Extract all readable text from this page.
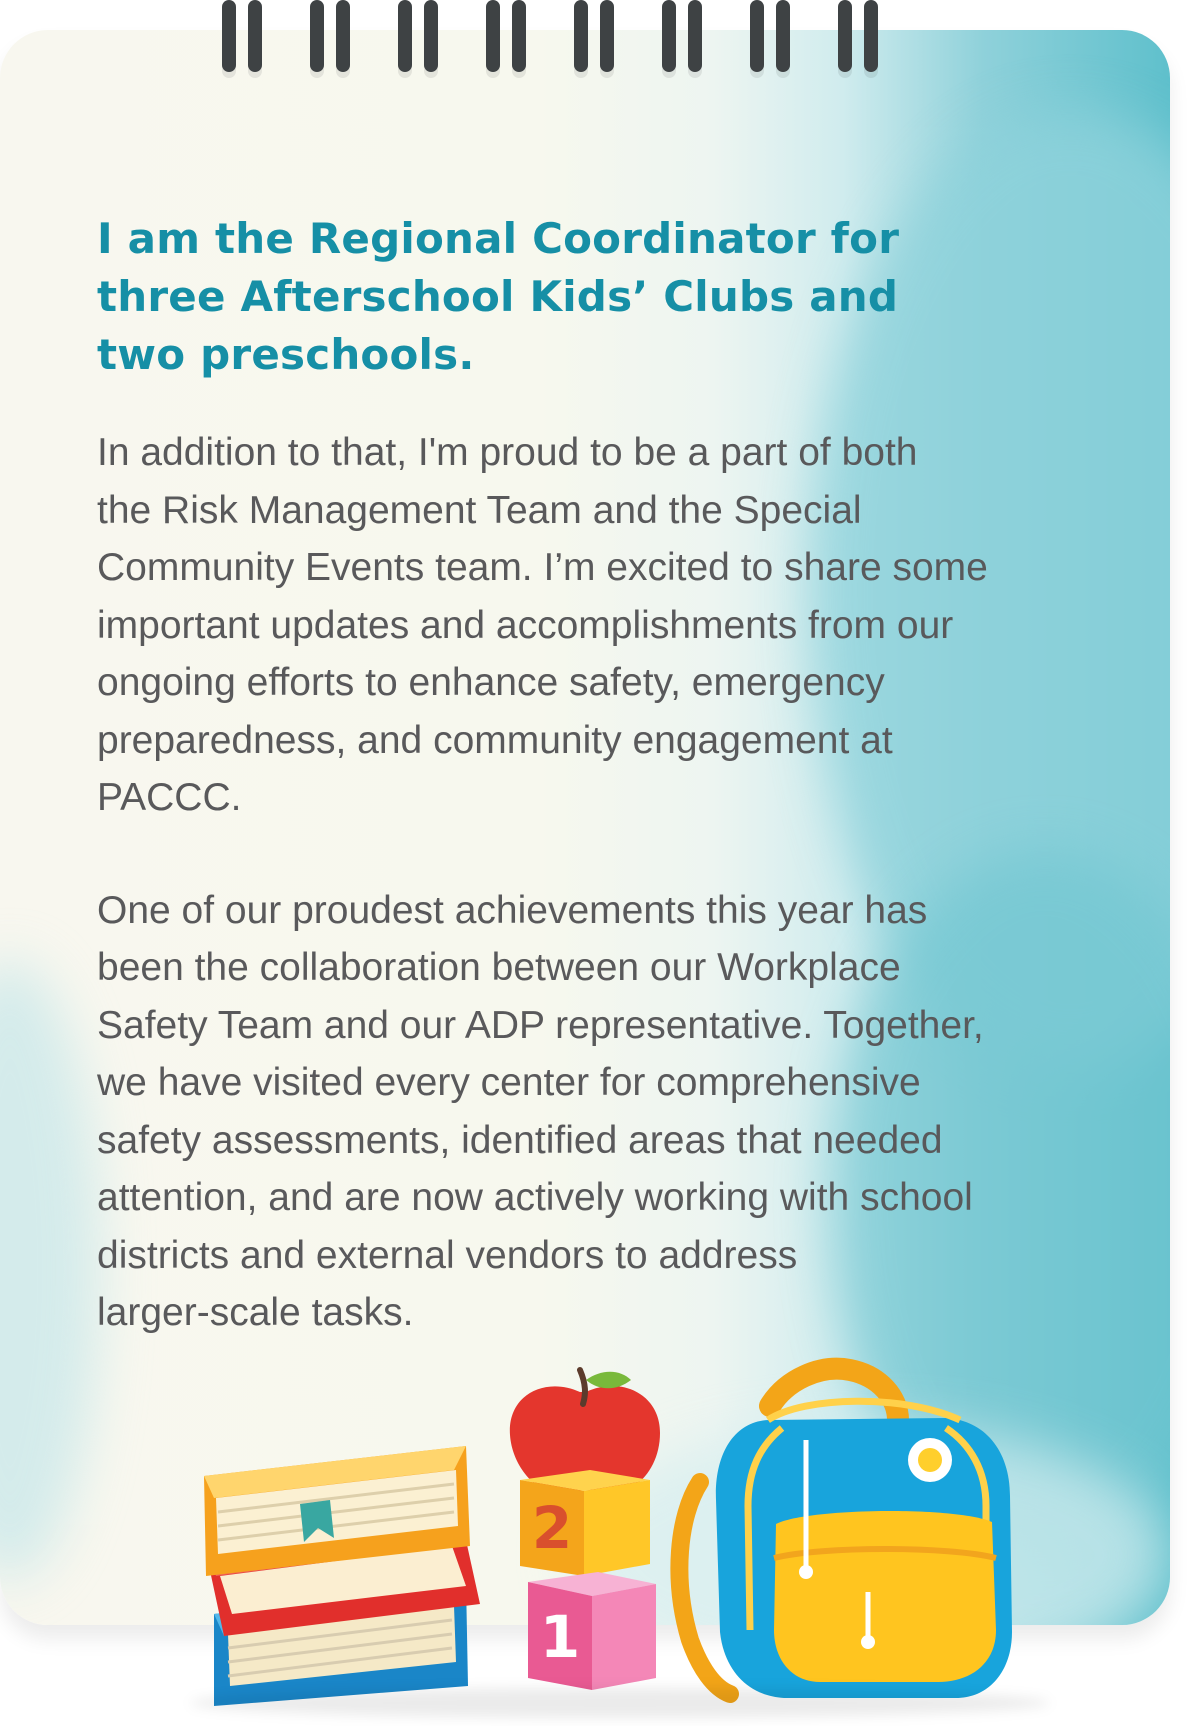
I am the Regional Coordinator for three Afterschool Kids’ Clubs and two preschools.

In addition to that, I'm proud to be a part of both
the Risk Management Team and the Special
Community Events team. I’m excited to share some
important updates and accomplishments from our
ongoing efforts to enhance safety, emergency
preparedness, and community engagement at
PACCC.

One of our proudest achievements this year has
been the collaboration between our Workplace
Safety Team and our ADP representative. Together,
we have visited every center for comprehensive
safety assessments, identified areas that needed
attention, and are now actively working with school
districts and external vendors to address
larger-scale tasks.

2
1
